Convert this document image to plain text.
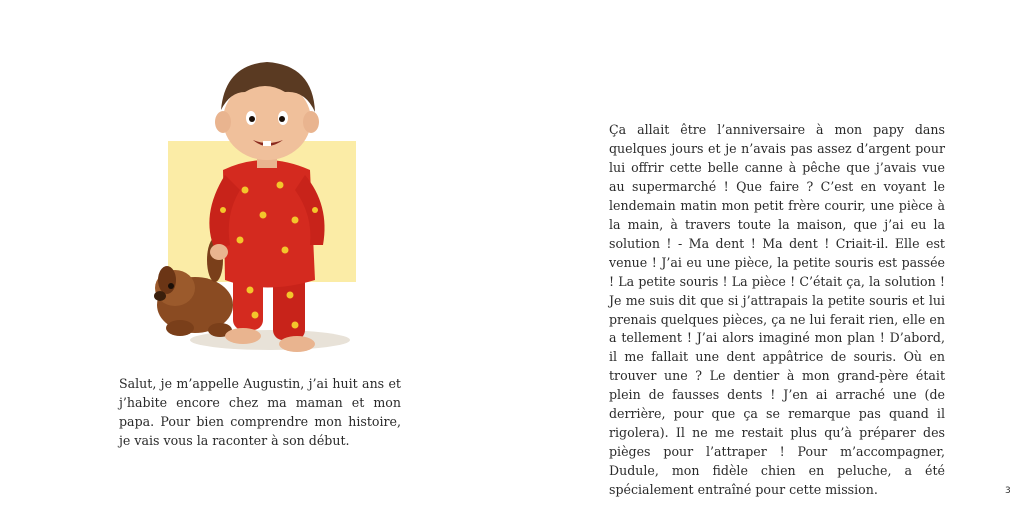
Salut, je m’appelle Augustin, j’ai huit ans et j’habite encore chez ma maman et mon papa. Pour bien comprendre mon histoire, je vais vous la raconter à son début.

Ça allait être l’anniversaire à mon papy dans quelques jours et je n’avais pas assez d’argent pour lui offrir cette belle canne à pêche que j’avais vue au supermarché ! Que faire ? C’est en voyant le lendemain matin mon petit frère courir, une pièce à la main, à travers toute la maison, que j’ai eu la solution ! - Ma dent ! Ma dent ! Criait-il. Elle est venue ! J’ai eu une pièce, la petite souris est passée ! La petite souris ! La pièce ! C’était ça, la solution ! Je me suis dit que si j’attrapais la petite souris et lui prenais quelques pièces, ça ne lui ferait rien, elle en a tellement ! J’ai alors imaginé mon plan ! D’abord, il me fallait une dent appâtrice de souris. Où en trouver une ? Le dentier à mon grand-père était plein de fausses dents ! J’en ai arraché une (de derrière, pour que ça se remarque pas quand il rigolera). Il ne me restait plus qu’à préparer des pièges pour l’attraper ! Pour m’accompagner, Dudule, mon fidèle chien en peluche, a été spécialement entraîné pour cette mission.	3
